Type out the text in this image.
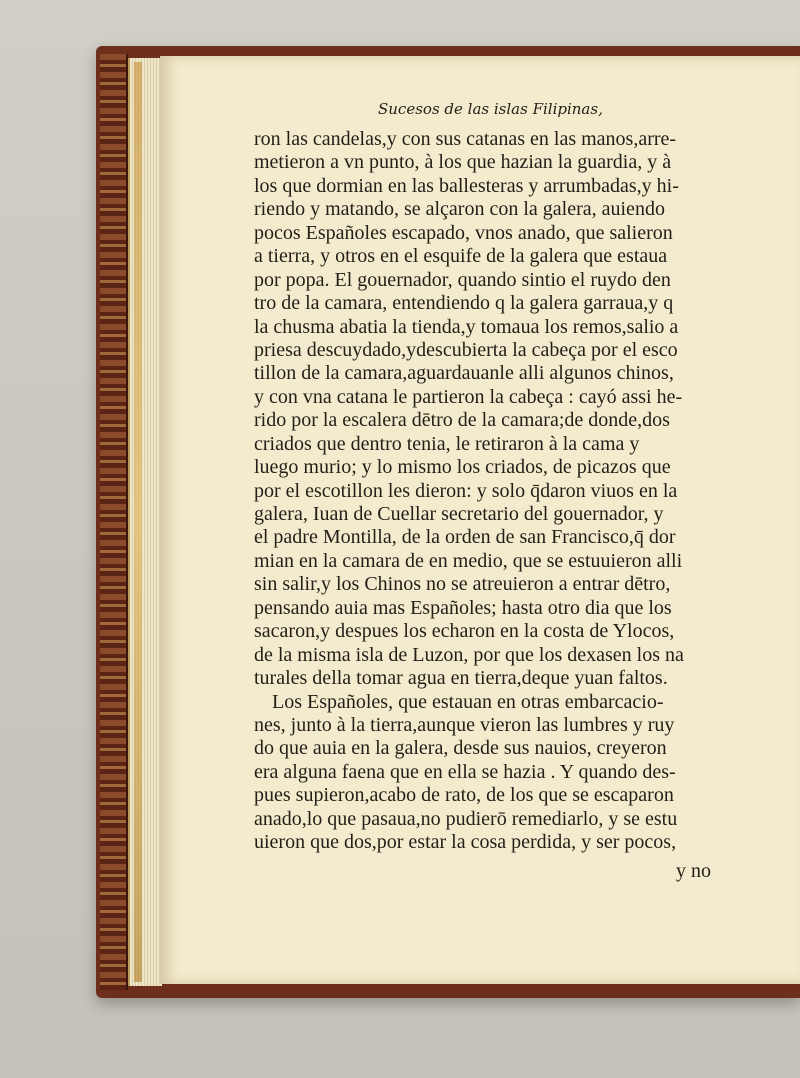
Sucesos de las islas Filipinas,
ron las candelas,y con sus catanas en las manos,arre-
metieron a vn punto, à los que hazian la guardia, y à
los que dormian en las ballesteras y arrumbadas,y hi-
riendo y matando, se alçaron con la galera, auiendo
pocos Españoles escapado, vnos anado, que salieron
a tierra, y otros en el esquife de la galera que estaua
por popa. El gouernador, quando sintio el ruydo den
tro de la camara, entendiendo q la galera garraua,y q
la chusma abatia la tienda,y tomaua los remos,salio a
priesa descuydado,ydescubierta la cabeça por el esco
tillon de la camara,aguardauanle alli algunos chinos,
y con vna catana le partieron la cabeça : cayó assi he-
rido por la escalera dētro de la camara;de donde,dos
criados que dentro tenia, le retiraron à la cama y
luego murio; y lo mismo los criados, de picazos que
por el escotillon les dieron: y solo q̄daron viuos en la
galera, Iuan de Cuellar secretario del gouernador, y
el padre Montilla, de la orden de san Francisco,q̄ dor
mian en la camara de en medio, que se estuuieron alli
sin salir,y los Chinos no se atreuieron a entrar dētro,
pensando auia mas Españoles; hasta otro dia que los
sacaron,y despues los echaron en la costa de Ylocos,
de la misma isla de Luzon, por que los dexasen los na
turales della tomar agua en tierra,deque yuan faltos.
Los Españoles, que estauan en otras embarcacio-
nes, junto à la tierra,aunque vieron las lumbres y ruy
do que auia en la galera, desde sus nauios, creyeron
era alguna faena que en ella se hazia . Y quando des-
pues supieron,acabo de rato, de los que se escaparon
anado,lo que pasaua,no pudierō remediarlo, y se estu
uieron que dos,por estar la cosa perdida, y ser pocos,
y no
